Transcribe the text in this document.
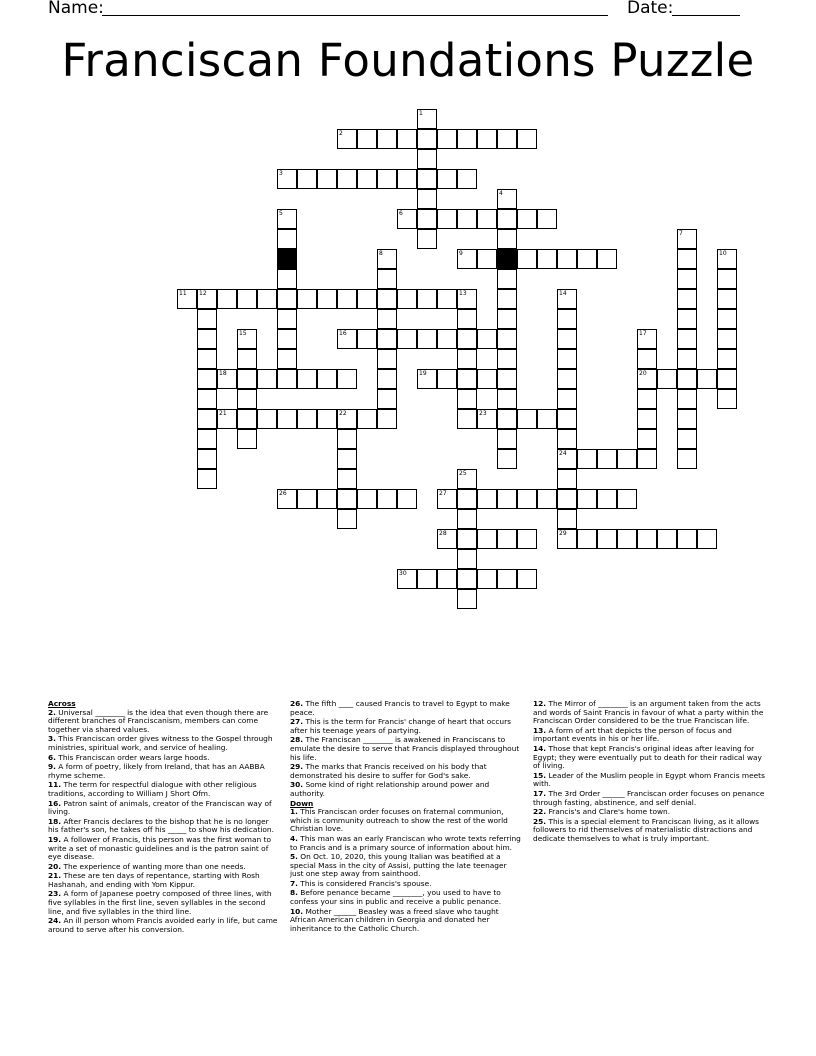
Name:	Date:
Franciscan Foundations Puzzle
2
3
6
9
11 12
16
18	19	20
21	22	23
24
26	27
28	29
30
1
4
5
7
8	10
13	14
15	17
25

Across

2. Universal ________ is the idea that even though there are different branches of Franciscanism, members can come together via shared values.

3. This Franciscan order gives witness to the Gospel through ministries, spiritual work, and service of healing.

6. This Franciscan order wears large hoods.

9. A form of poetry, likely from Ireland, that has an AABBA rhyme scheme.

11. The term for respectful dialogue with other religious traditions, according to William J Short Ofm.

16. Patron saint of animals, creator of the Franciscan way of living.

18. After Francis declares to the bishop that he is no longer his father's son, he takes off his _____ to show his dedication.

19. A follower of Francis, this person was the first woman to write a set of monastic guidelines and is the patron saint of eye disease.

20. The experience of wanting more than one needs.

21. These are ten days of repentance, starting with Rosh Hashanah, and ending with Yom Kippur.

23. A form of Japanese poetry composed of three lines, with five syllables in the first line, seven syllables in the second line, and five syllables in the third line.

24. An ill person whom Francis avoided early in life, but came around to serve after his conversion.

26. The fifth ____ caused Francis to travel to Egypt to make peace.

27. This is the term for Francis' change of heart that occurs after his teenage years of partying.

28. The Franciscan ________ is awakened in Franciscans to emulate the desire to serve that Francis displayed throughout his life.

29. The marks that Francis received on his body that demonstrated his desire to suffer for God's sake.

30. Some kind of right relationship around power and authority.

Down

1. This Franciscan order focuses on fraternal communion, which is community outreach to show the rest of the world Christian love.

4. This man was an early Franciscan who wrote texts referring to Francis and is a primary source of information about him.

5. On Oct. 10, 2020, this young Italian was beatified at a special Mass in the city of Assisi, putting the late teenager just one step away from sainthood.

7. This is considered Francis's spouse.

8. Before penance became ________, you used to have to confess your sins in public and receive a public penance.

10. Mother ______ Beasley was a freed slave who taught African American children in Georgia and donated her inheritance to the Catholic Church.

12. The Mirror of ________ is an argument taken from the acts and words of Saint Francis in favour of what a party within the Franciscan Order considered to be the true Franciscan life.

13. A form of art that depicts the person of focus and important events in his or her life.

14. Those that kept Francis's original ideas after leaving for Egypt; they were eventually put to death for their radical way of living.

15. Leader of the Muslim people in Egypt whom Francis meets with.

17. The 3rd Order ______ Franciscan order focuses on penance through fasting, abstinence, and self denial.

22. Francis's and Clare's home town.

25. This is a special element to Franciscan living, as it allows followers to rid themselves of materialistic distractions and dedicate themselves to what is truly important.
